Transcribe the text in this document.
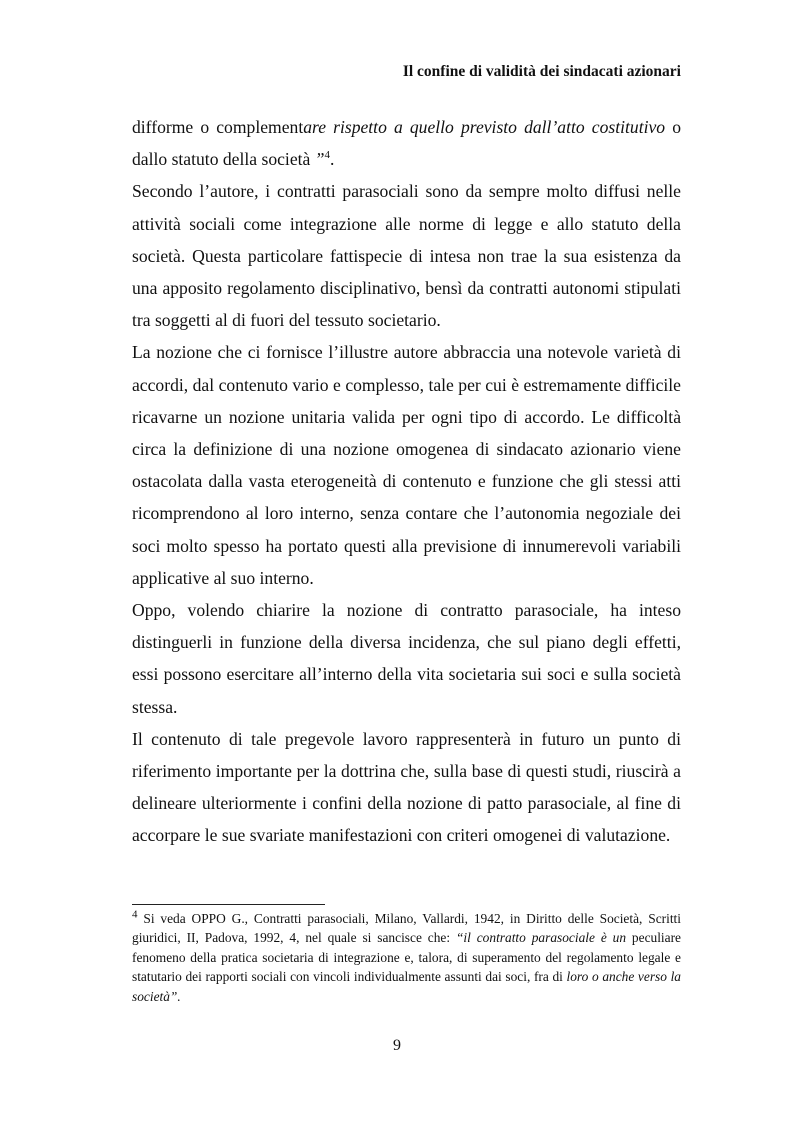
Il confine di validità dei sindacati azionari

difforme o complementare rispetto a quello previsto dall’atto costitutivo o dallo statuto della società ”$^4$.

Secondo l’autore, i contratti parasociali sono da sempre molto diffusi nelle attività sociali come integrazione alle norme di legge e allo statuto della società. Questa particolare fattispecie di intesa non trae la sua esistenza da una apposito regolamento disciplinativo, bensì da contratti autonomi stipulati tra soggetti al di fuori del tessuto societario.

La nozione che ci fornisce l’illustre autore abbraccia una notevole varietà di accordi, dal contenuto vario e complesso, tale per cui è estremamente difficile ricavarne un nozione unitaria valida per ogni tipo di accordo. Le difficoltà circa la definizione di una nozione omogenea di sindacato azionario viene ostacolata dalla vasta eterogeneità di contenuto e funzione che gli stessi atti ricomprendono al loro interno, senza contare che l’autonomia negoziale dei soci molto spesso ha portato questi alla previsione di innumerevoli variabili applicative al suo interno.

Oppo, volendo chiarire la nozione di contratto parasociale, ha inteso distinguerli in funzione della diversa incidenza, che sul piano degli effetti, essi possono esercitare all’interno della vita societaria sui soci e sulla società stessa.

Il contenuto di tale pregevole lavoro rappresenterà in futuro un punto di riferimento importante per la dottrina che, sulla base di questi studi, riuscirà a delineare ulteriormente i confini della nozione di patto parasociale, al fine di accorpare le sue svariate manifestazioni con criteri omogenei di valutazione.

$^4$ Si veda OPPO G., Contratti parasociali, Milano, Vallardi, 1942, in Diritto delle Società, Scritti giuridici, II, Padova, 1992, 4, nel quale si sancisce che: “il contratto parasociale è un peculiare fenomeno della pratica societaria di integrazione e, talora, di superamento del regolamento legale e statutario dei rapporti sociali con vincoli individualmente assunti dai soci, fra di loro o anche verso la società”.
9
